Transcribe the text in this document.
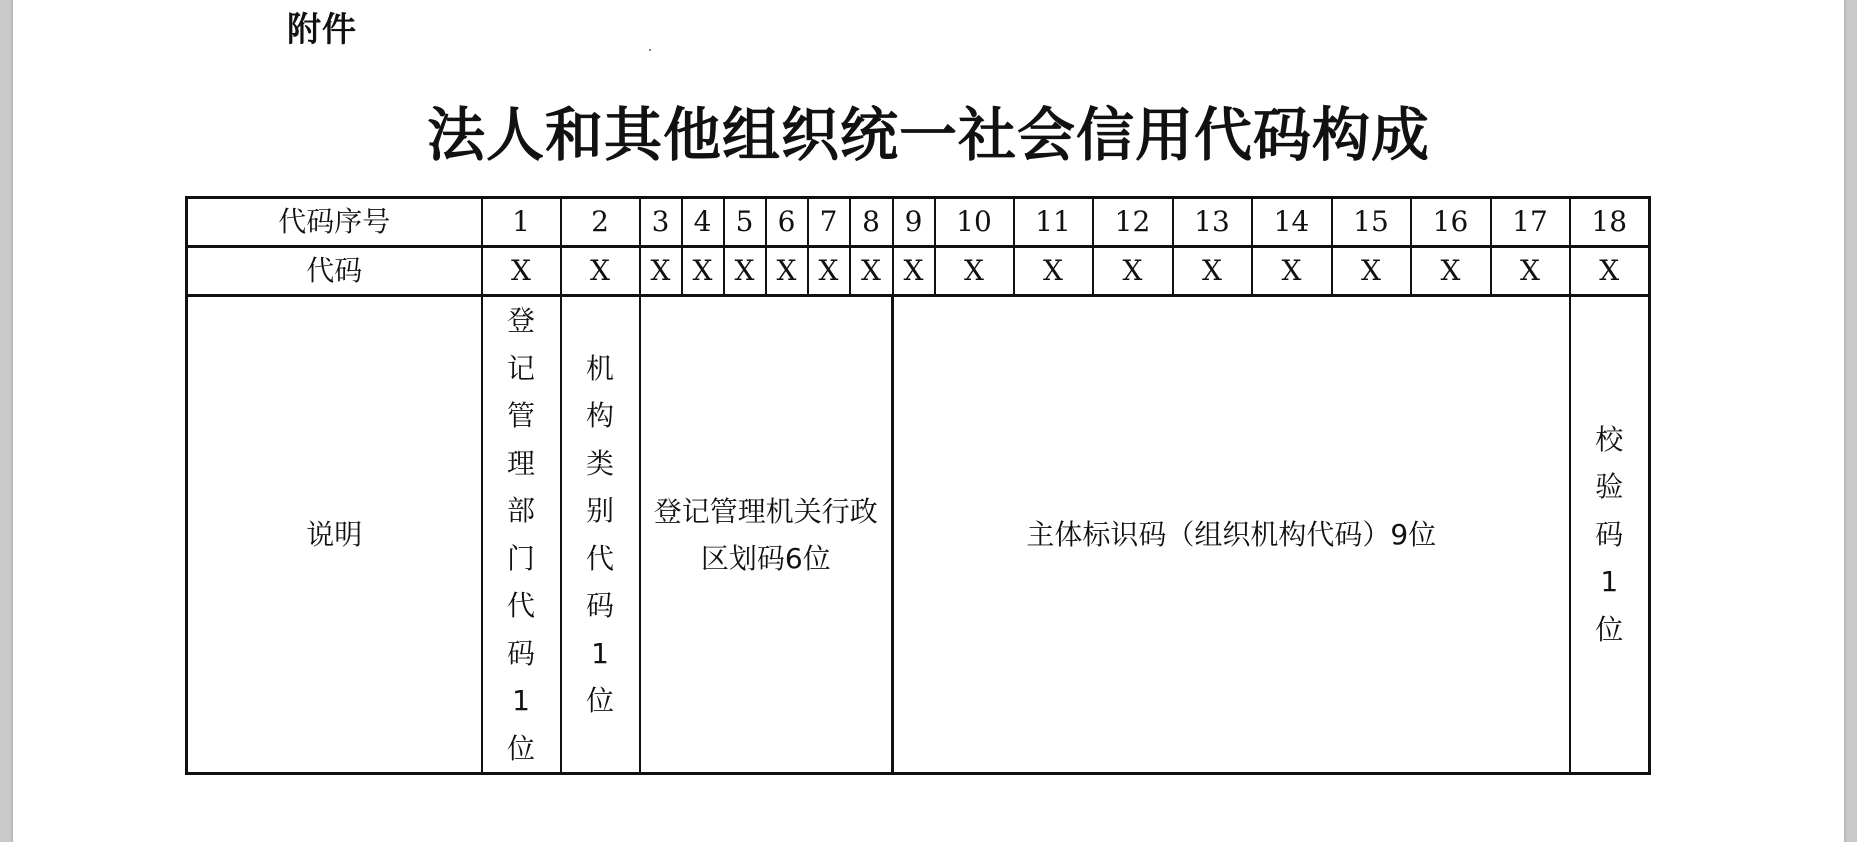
附件
法人和其他组织统一社会信用代码构成
代码序号	1	2	3	4	5	6	7	8	9	10	11	12	13	14	15	16	17	18
代码	X	X	X	X	X	X	X	X	X	X	X	X	X	X	X	X	X	X
说明	登记管理部门代码1位	机构类别代码1位	登记管理机关行政区划码6位						主体标识码（组织机构代码）9位									校验码1位
